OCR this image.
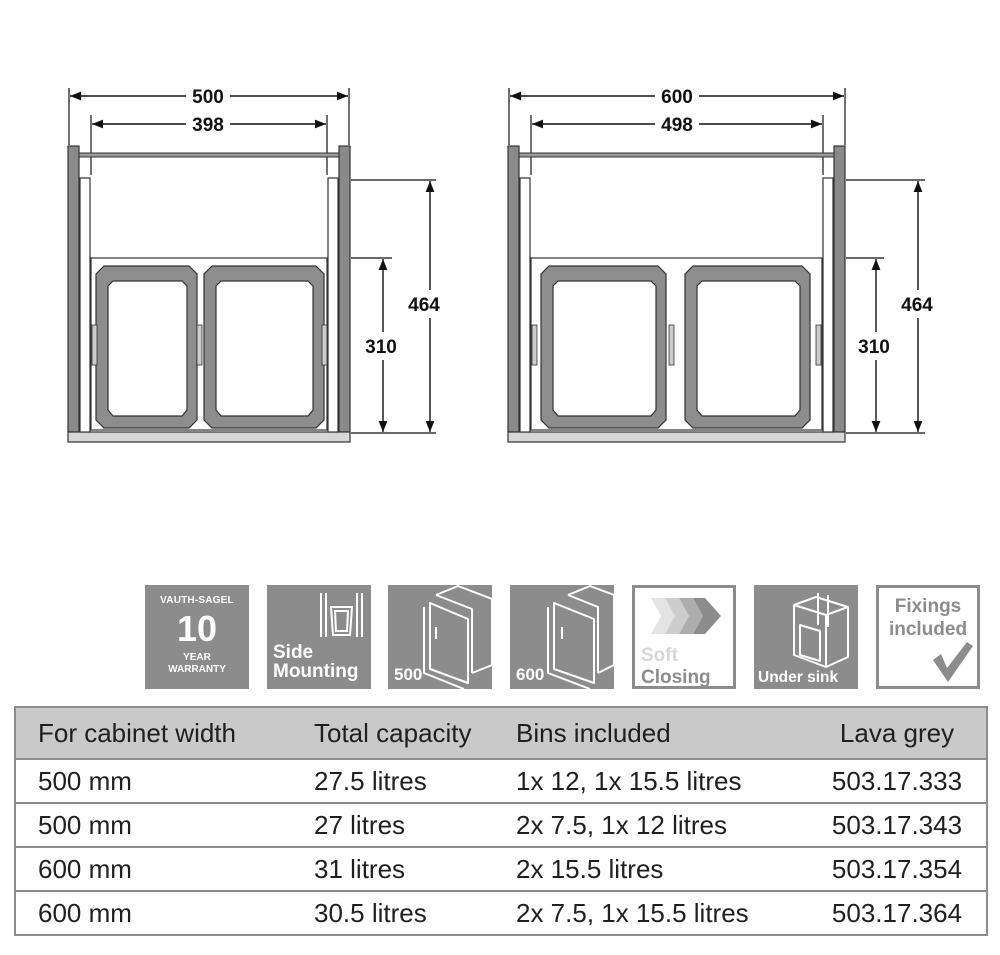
500
398
464
310
600
498
464
310
VAUTH-SAGEL
10
YEAR
WARRANTY
Side
Mounting 500	600
Soft
Closing	Under sink
Fixings
included
For cabinet width	Total capacity	Bins included	Lava grey
500 mm	27.5 litres	1x 12, 1x 15.5 litres	503.17.333
500 mm	27 litres	2x 7.5, 1x 12 litres	503.17.343
600 mm	31 litres	2x 15.5 litres	503.17.354
600 mm	30.5 litres	2x 7.5, 1x 15.5 litres	503.17.364
